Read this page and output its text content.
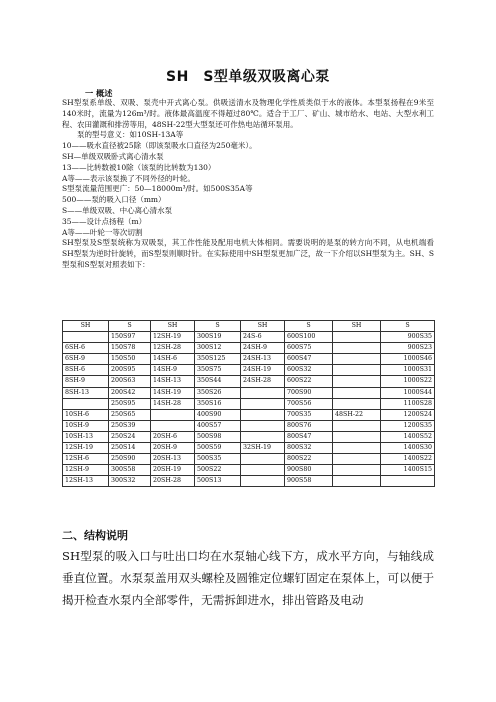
SH　S型单级双吸离心泵
一 概述

SH型泵系单级、双吸、泵壳中开式离心泵。供吸送清水及物理化学性质类似于水的液体。本型泵扬程在9米至140米时，流量为126m³/时。液体最高温度不得超过80℃。适合于工厂、矿山、城市给水、电站、大型水利工程、农田灌溉和排涝等用，48SH-22型大型泵还可作热电站循环泵用。

泵的型号意义：如10SH-13A等

10——吸水直径被25除（即该泵吸水口直径为250毫米）。

SH—单级双吸卧式离心清水泵

13——比转数被10除（该泵的比转数为130）

A等——表示该泵换了不同外径的叶轮。

S型泵流量范围更广：50—18000m³/时。如500S35A等

500——泵的吸入口径（mm）

S——单级双吸、中心离心清水泵

35——设计点扬程（m）

A等——叶轮一等次切割

SH型泵及S型泵统称为双吸泵，其工作性能及配用电机大体相同。需要说明的是泵的转方向不同，从电机端看SH型泵为逆时针旋转，而S型泵则顺时针。在实际使用中SH型泵更加广泛，故一下介绍以SH型泵为主。SH、S型泵和S型泵对照表如下：

SH	S	SH	S	SH	S	SH	S
	150S97	12SH-19	300S19	24S-6	600S100		900S35
6SH-6	150S78	12SH-28	300S12	24SH-9	600S75		900S23
6SH-9	150S50	14SH-6	350S125	24SH-13	600S47		1000S46
8SH-6	200S95	14SH-9	350S75	24SH-19	600S32		1000S31
8SH-9	200S63	14SH-13	350S44	24SH-28	600S22		1000S22
8SH-13	200S42	14SH-19	350S26		700S90		1000S44
	250S95	14SH-28	350S16		700S56		1100S28
10SH-6	250S65		400S90		700S35	48SH-22	1200S24
10SH-9	250S39		400S57		800S76		1200S35
10SH-13	250S24	20SH-6	500S98		800S47		1400S52
12SH-19	250S14	20SH-9	500S59	32SH-19	800S32		1400S30
12SH-6	250S90	20SH-13	500S35		800S22		1400S22
12SH-9	300S58	20SH-19	500S22		900S80		1400S15
12SH-13	300S32	20SH-28	500S13		900S58		
二、结构说明

SH型泵的吸入口与吐出口均在水泵轴心线下方，成水平方向，与轴线成垂直位置。水泵泵盖用双头螺栓及圆锥定位螺钉固定在泵体上，可以便于揭开检查水泵内全部零件，无需拆卸进水，排出管路及电动
